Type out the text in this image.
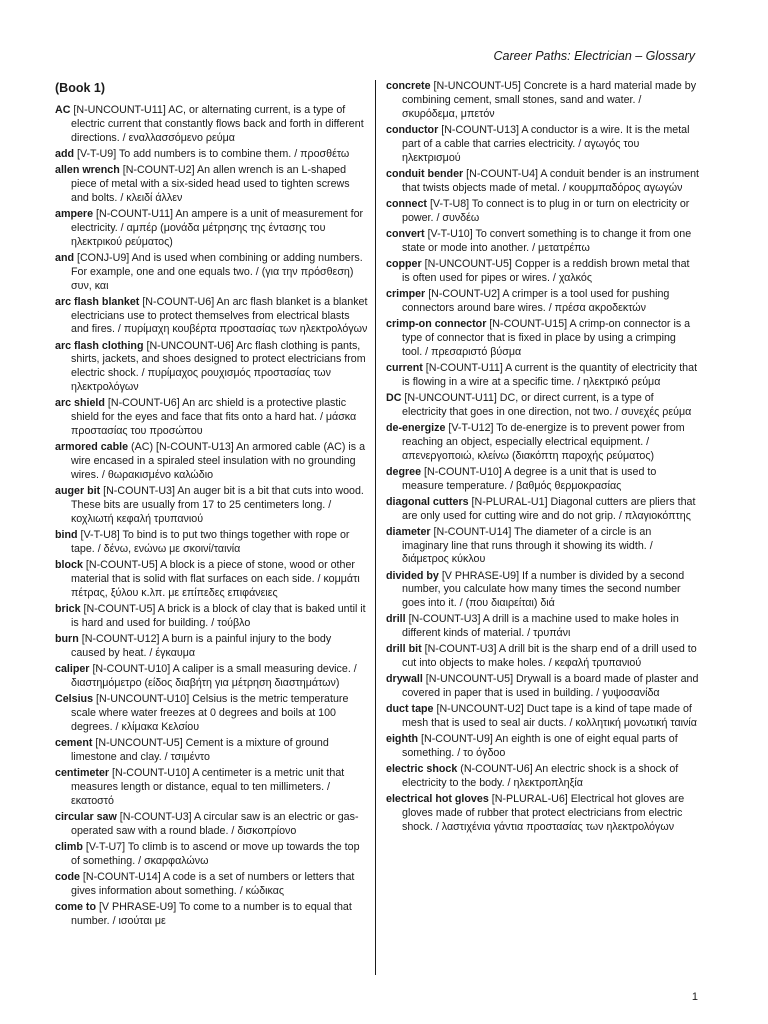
Career Paths: Electrician – Glossary
(Book 1)
AC [N-UNCOUNT-U11] AC, or alternating current, is a type of electric current that constantly flows back and forth in different directions. / εναλλασσόμενο ρεύμα
add [V-T-U9] To add numbers is to combine them. / προσθέτω
allen wrench [N-COUNT-U2] An allen wrench is an L-shaped piece of metal with a six-sided head used to tighten screws and bolts. / κλειδί άλλεν
ampere [N-COUNT-U11] An ampere is a unit of measurement for electricity. / αμπέρ (μονάδα μέτρησης της έντασης του ηλεκτρικού ρεύματος)
and [CONJ-U9] And is used when combining or adding numbers. For example, one and one equals two. / (για την πρόσθεση) συν, και
arc flash blanket [N-COUNT-U6] An arc flash blanket is a blanket electricians use to protect themselves from electrical blasts and fires. / πυρίμαχη κουβέρτα προστασίας των ηλεκτρολόγων
arc flash clothing [N-UNCOUNT-U6] Arc flash clothing is pants, shirts, jackets, and shoes designed to protect electricians from electric shock. / πυρίμαχος ρουχισμός προστασίας των ηλεκτρολόγων
arc shield [N-COUNT-U6] An arc shield is a protective plastic shield for the eyes and face that fits onto a hard hat. / μάσκα προστασίας του προσώπου
armored cable (AC) [N-COUNT-U13] An armored cable (AC) is a wire encased in a spiraled steel insulation with no grounding wires. / θωρακισμένο καλώδιο
auger bit [N-COUNT-U3] An auger bit is a bit that cuts into wood. These bits are usually from 17 to 25 centimeters long. / κοχλιωτή κεφαλή τρυπανιού
bind [V-T-U8] To bind is to put two things together with rope or tape. / δένω, ενώνω με σκοινί/ταινία
block [N-COUNT-U5] A block is a piece of stone, wood or other material that is solid with flat surfaces on each side. / κομμάτι πέτρας, ξύλου κ.λπ. με επίπεδες επιφάνειες
brick [N-COUNT-U5] A brick is a block of clay that is baked until it is hard and used for building. / τούβλο
burn [N-COUNT-U12] A burn is a painful injury to the body caused by heat. / έγκαυμα
caliper [N-COUNT-U10] A caliper is a small measuring device. / διαστημόμετρο (είδος διαβήτη για μέτρηση διαστημάτων)
Celsius [N-UNCOUNT-U10] Celsius is the metric temperature scale where water freezes at 0 degrees and boils at 100 degrees. / κλίμακα Κελσίου
cement [N-UNCOUNT-U5] Cement is a mixture of ground limestone and clay. / τσιμέντο
centimeter [N-COUNT-U10] A centimeter is a metric unit that measures length or distance, equal to ten millimeters. / εκατοστό
circular saw [N-COUNT-U3] A circular saw is an electric or gas-operated saw with a round blade. / δισκοπρίονο
climb [V-T-U7] To climb is to ascend or move up towards the top of something. / σκαρφαλώνω
code [N-COUNT-U14] A code is a set of numbers or letters that gives information about something. / κώδικας
come to [V PHRASE-U9] To come to a number is to equal that number. / ισούται με
concrete [N-UNCOUNT-U5] Concrete is a hard material made by combining cement, small stones, sand and water. / σκυρόδεμα, μπετόν
conductor [N-COUNT-U13] A conductor is a wire. It is the metal part of a cable that carries electricity. / αγωγός του ηλεκτρισμού
conduit bender [N-COUNT-U4] A conduit bender is an instrument that twists objects made of metal. / κουρμπαδόρος αγωγών
connect [V-T-U8] To connect is to plug in or turn on electricity or power. / συνδέω
convert [V-T-U10] To convert something is to change it from one state or mode into another. / μετατρέπω
copper [N-UNCOUNT-U5] Copper is a reddish brown metal that is often used for pipes or wires. / χαλκός
crimper [N-COUNT-U2] A crimper is a tool used for pushing connectors around bare wires. / πρέσα ακροδεκτών
crimp-on connector [N-COUNT-U15] A crimp-on connector is a type of connector that is fixed in place by using a crimping tool. / πρεσαριστό βύσμα
current [N-COUNT-U11] A current is the quantity of electricity that is flowing in a wire at a specific time. / ηλεκτρικό ρεύμα
DC [N-UNCOUNT-U11] DC, or direct current, is a type of electricity that goes in one direction, not two. / συνεχές ρεύμα
de-energize [V-T-U12] To de-energize is to prevent power from reaching an object, especially electrical equipment. / απενεργοποιώ, κλείνω (διακόπτη παροχής ρεύματος)
degree [N-COUNT-U10] A degree is a unit that is used to measure temperature. / βαθμός θερμοκρασίας
diagonal cutters [N-PLURAL-U1] Diagonal cutters are pliers that are only used for cutting wire and do not grip. / πλαγιοκόπτης
diameter [N-COUNT-U14] The diameter of a circle is an imaginary line that runs through it showing its width. / διάμετρος κύκλου
divided by [V PHRASE-U9] If a number is divided by a second number, you calculate how many times the second number goes into it. / (που διαιρείται) διά
drill [N-COUNT-U3] A drill is a machine used to make holes in different kinds of material. / τρυπάνι
drill bit [N-COUNT-U3] A drill bit is the sharp end of a drill used to cut into objects to make holes. / κεφαλή τρυπανιού
drywall [N-UNCOUNT-U5] Drywall is a board made of plaster and covered in paper that is used in building. / γυψοσανίδα
duct tape [N-UNCOUNT-U2] Duct tape is a kind of tape made of mesh that is used to seal air ducts. / κολλητική μονωτική ταινία
eighth [N-COUNT-U9] An eighth is one of eight equal parts of something. / το όγδοο
electric shock (N-COUNT-U6] An electric shock is a shock of electricity to the body. / ηλεκτροπληξία
electrical hot gloves [N-PLURAL-U6] Electrical hot gloves are gloves made of rubber that protect electricians from electric shock. / λαστιχένια γάντια προστασίας των ηλεκτρολόγων
1
